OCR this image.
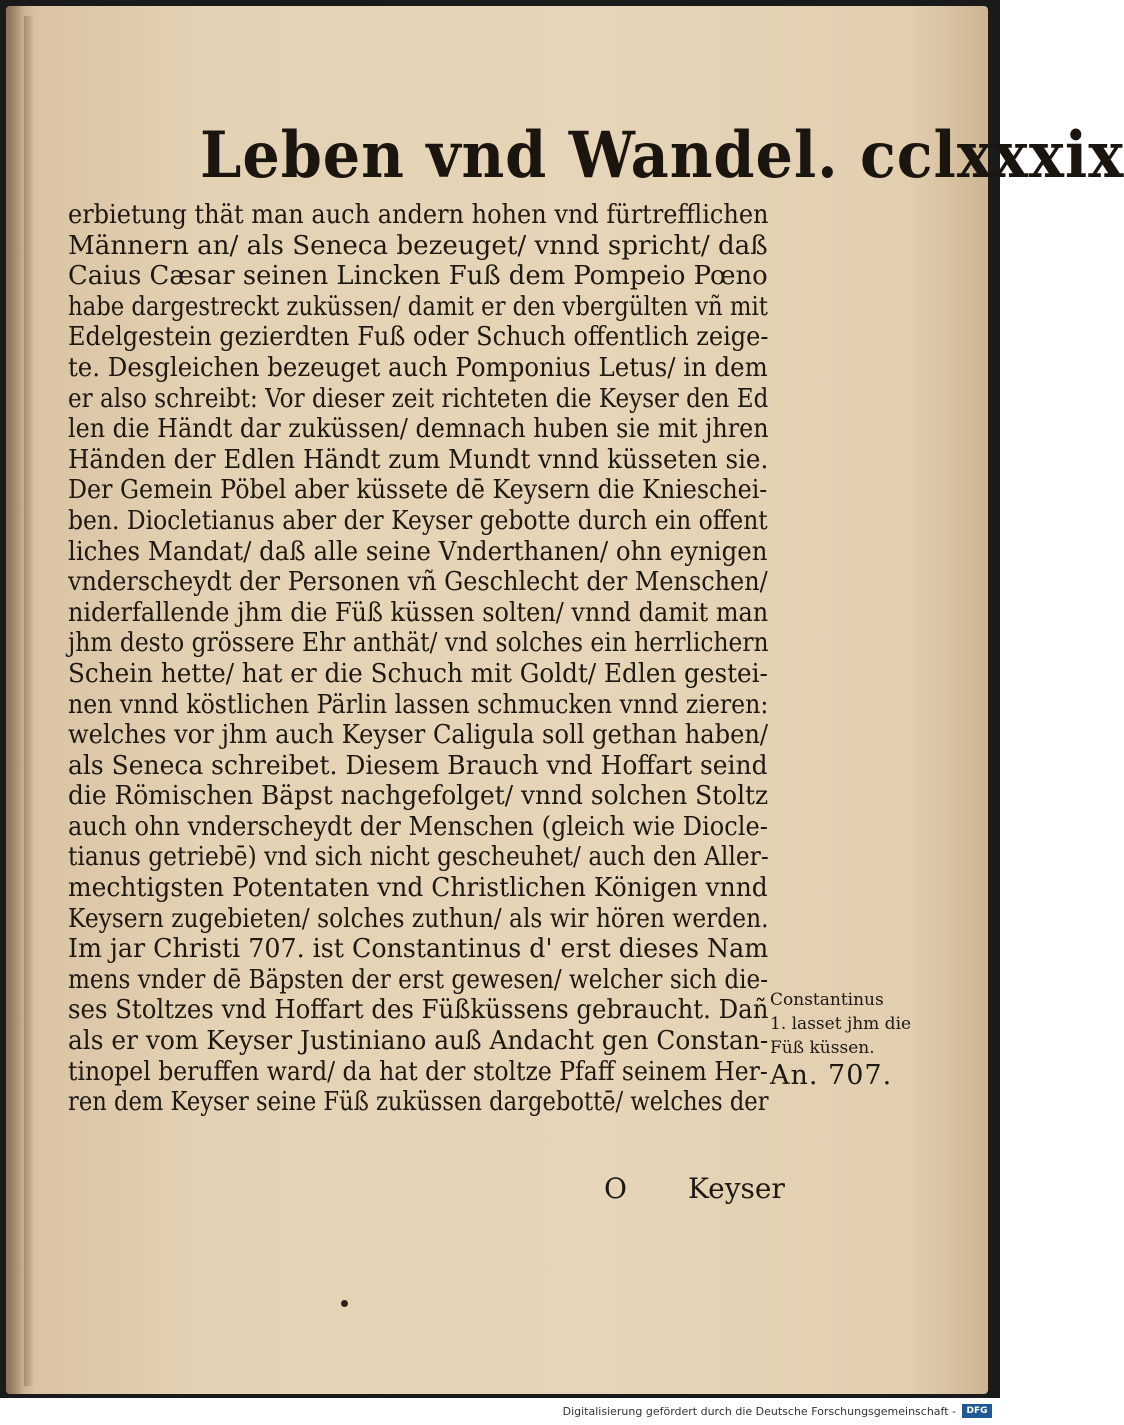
Leben vnd Wandel. cclxxxix
erbietung thät man auch andern hohen vnd fürtrefflichen
Männern an/ als Seneca bezeuget/ vnnd spricht/ daß
Caius Cæsar seinen Lincken Fuß dem Pompeio Pœno
habe dargestreckt zuküssen/ damit er den vbergülten vñ mit
Edelgestein gezierdten Fuß oder Schuch offentlich zeige-
te. Desgleichen bezeuget auch Pomponius Letus/ in dem
er also schreibt: Vor dieser zeit richteten die Keyser den Ed
len die Händt dar zuküssen/ demnach huben sie mit jhren
Händen der Edlen Händt zum Mundt vnnd küsseten sie.
Der Gemein Pöbel aber küssete dē Keysern die Knieschei-
ben. Diocletianus aber der Keyser gebotte durch ein offent
liches Mandat/ daß alle seine Vnderthanen/ ohn eynigen
vnderscheydt der Personen vñ Geschlecht der Menschen/
niderfallende jhm die Füß küssen solten/ vnnd damit man
jhm desto grössere Ehr anthät/ vnd solches ein herrlichern
Schein hette/ hat er die Schuch mit Goldt/ Edlen gestei-
nen vnnd köstlichen Pärlin lassen schmucken vnnd zieren:
welches vor jhm auch Keyser Caligula soll gethan haben/
als Seneca schreibet. Diesem Brauch vnd Hoffart seind
die Römischen Bäpst nachgefolget/ vnnd solchen Stoltz
auch ohn vnderscheydt der Menschen (gleich wie Diocle-
tianus getriebē) vnd sich nicht gescheuhet/ auch den Aller-
mechtigsten Potentaten vnd Christlichen Königen vnnd
Keysern zugebieten/ solches zuthun/ als wir hören werden.
Im jar Christi 707. ist Constantinus d' erst dieses Nam
mens vnder dē Bäpsten der erst gewesen/ welcher sich die-
ses Stoltzes vnd Hoffart des Füßküssens gebraucht. Dañ
als er vom Keyser Justiniano auß Andacht gen Constan-
tinopel beruffen ward/ da hat der stoltze Pfaff seinem Her-
ren dem Keyser seine Füß zuküssen dargebottē/ welches der
Constantinus
1. lasset jhm die
Füß küssen.
An. 707.
O Keyser
Digitalisierung gefördert durch die Deutsche Forschungsgemeinschaft -	DFG
